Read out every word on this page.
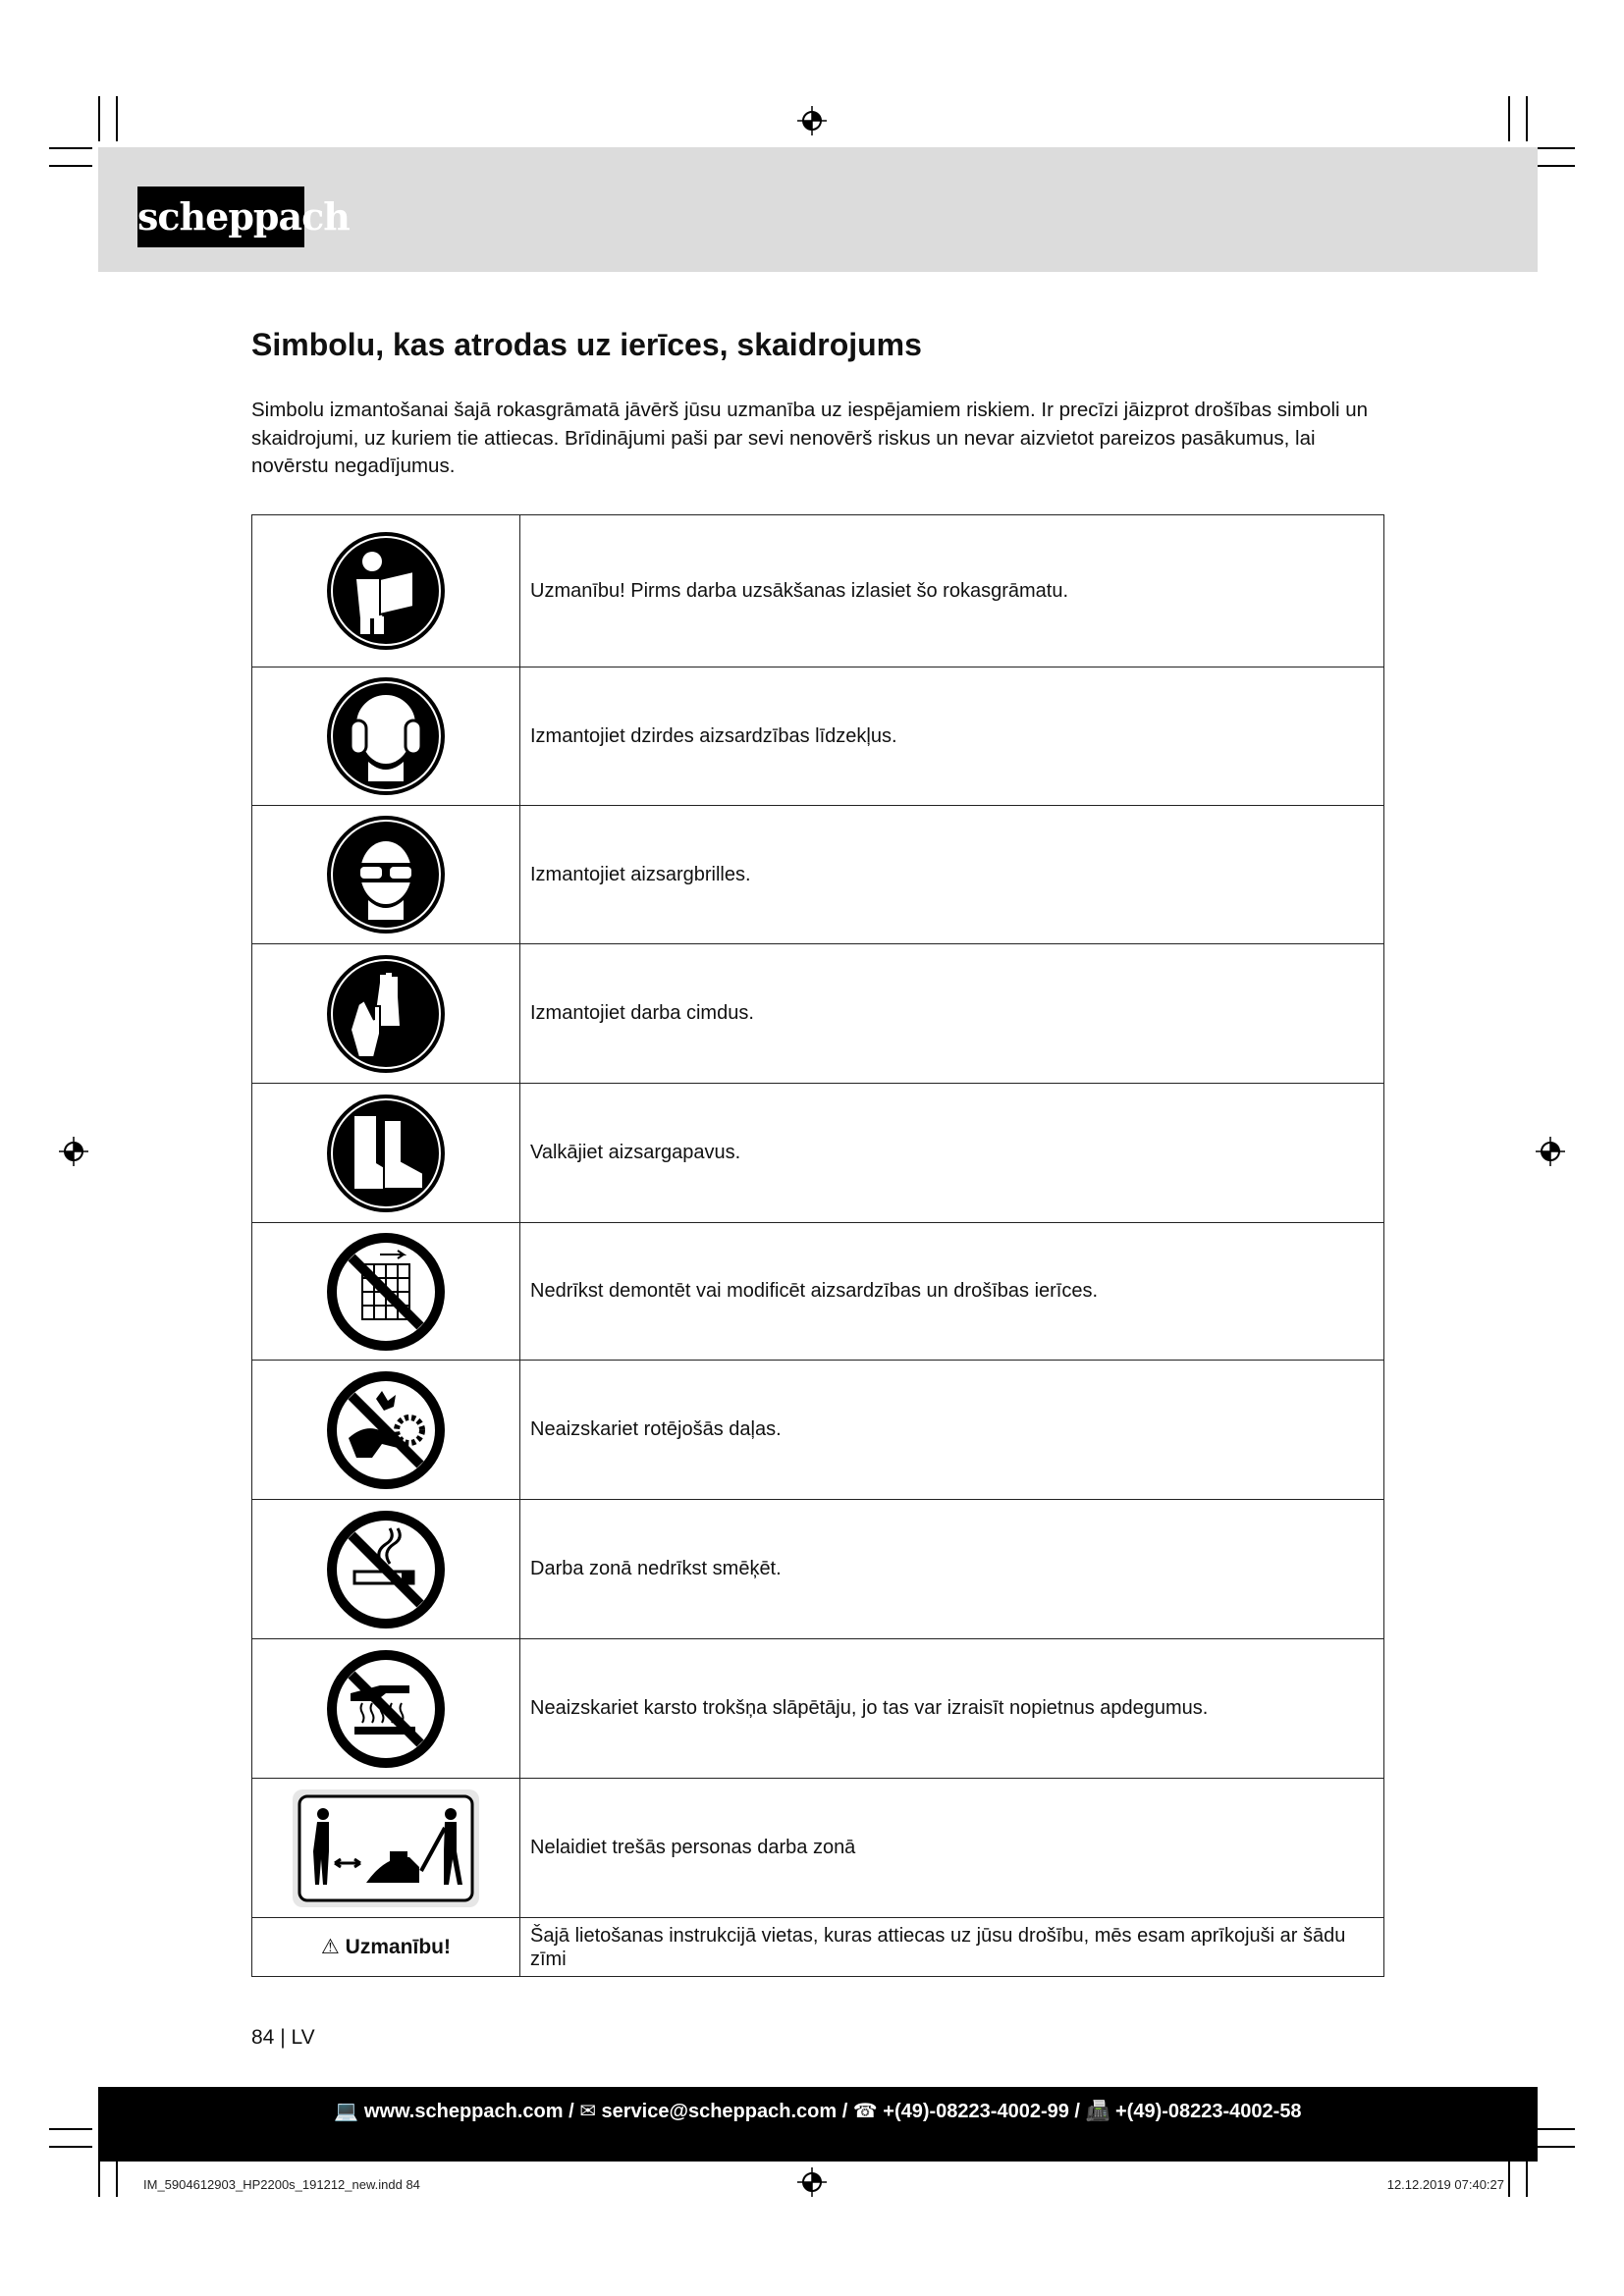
scheppach
Simbolu, kas atrodas uz ierīces, skaidrojums

Simbolu izmantošanai šajā rokasgrāmatā jāvērš jūsu uzmanība uz iespējamiem riskiem. Ir precīzi jāizprot drošības simboli un skaidrojumi, uz kuriem tie attiecas. Brīdinājumi paši par sevi nenovērš riskus un nevar aizvietot pareizos pasākumus, lai novērstu negadījumus.

	Uzmanību! Pirms darba uzsākšanas izlasiet šo rokasgrāmatu.

	Izmantojiet dzirdes aizsardzības līdzekļus.

	Izmantojiet aizsargbrilles.

	Izmantojiet darba cimdus.

	Valkājiet aizsargapavus.

	Nedrīkst demontēt vai modificēt aizsardzības un drošības ierīces.

	Neaizskariet rotējošās daļas.

	Darba zonā nedrīkst smēķēt.

	Neaizskariet karsto trokšņa slāpētāju, jo tas var izraisīt nopietnus apdegumus.

	Nelaidiet trešās personas darba zonā
⚠ Uzmanību!	Šajā lietošanas instrukcijā vietas, kuras attiecas uz jūsu drošību, mēs esam aprīkojuši ar šādu zīmi
84 | LV
💻 www.scheppach.com / ✉ service@scheppach.com / ☎ +(49)-08223-4002-99 / 📠 +(49)-08223-4002-58
IM_5904612903_HP2200s_191212_new.indd 84	12.12.2019 07:40:27
